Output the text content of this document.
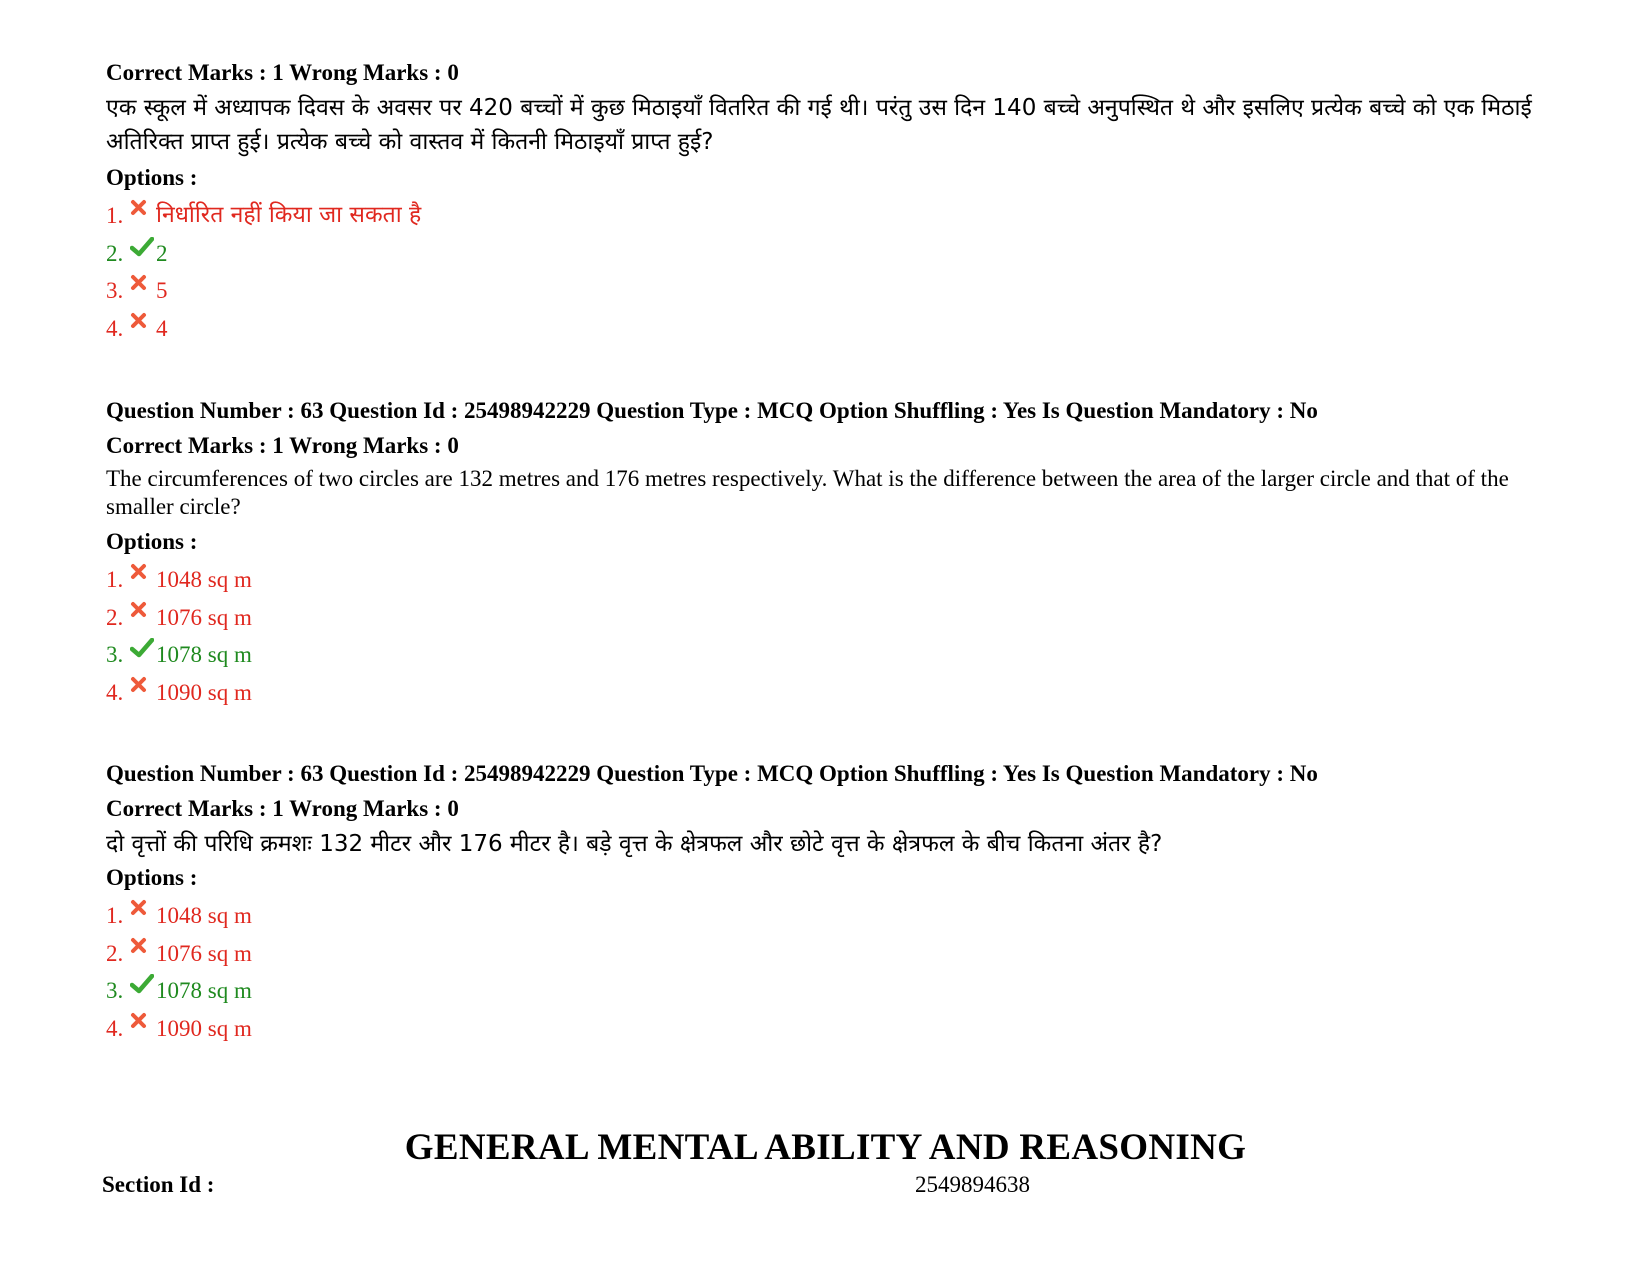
Correct Marks : 1 Wrong Marks : 0
एक स्कूल में अध्यापक दिवस के अवसर पर 420 बच्चों में कुछ मिठाइयाँ वितरित की गई थी। परंतु उस दिन 140 बच्चे अनुपस्थित थे और इसलिए प्रत्येक बच्चे को एक मिठाई अतिरिक्त प्राप्त हुई। प्रत्येक बच्चे को वास्तव में कितनी मिठाइयाँ प्राप्त हुई?
Options :
1. निर्धारित नहीं किया जा सकता है
2. 2
3. 5
4. 4
Question Number : 63 Question Id : 25498942229 Question Type : MCQ Option Shuffling : Yes Is Question Mandatory : No
Correct Marks : 1 Wrong Marks : 0
The circumferences of two circles are 132 metres and 176 metres respectively. What is the difference between the area of the larger circle and that of the smaller circle?
Options :
1. 1048 sq m
2. 1076 sq m
3. 1078 sq m
4. 1090 sq m
Question Number : 63 Question Id : 25498942229 Question Type : MCQ Option Shuffling : Yes Is Question Mandatory : No
Correct Marks : 1 Wrong Marks : 0
दो वृत्तों की परिधि क्रमशः 132 मीटर और 176 मीटर है। बड़े वृत्त के क्षेत्रफल और छोटे वृत्त के क्षेत्रफल के बीच कितना अंतर है?
Options :
1. 1048 sq m
2. 1076 sq m
3. 1078 sq m
4. 1090 sq m
GENERAL MENTAL ABILITY AND REASONING
Section Id :	2549894638
